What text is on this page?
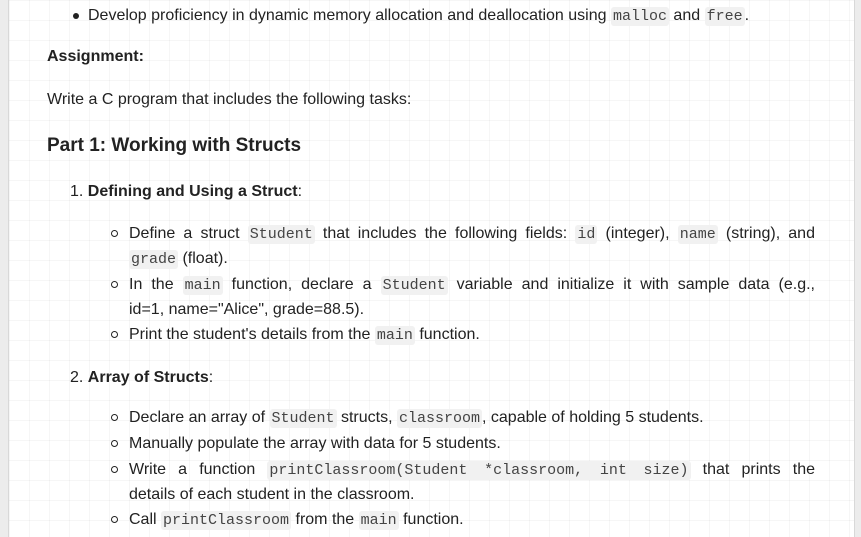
Develop proficiency in dynamic memory allocation and deallocation using malloc and free .
Assignment:
Write a C program that includes the following tasks:
Part 1: Working with Structs
1. Defining and Using a Struct:
Define a struct Student that includes the following fields: id (integer), name (string), and
grade (float).
In the main function, declare a Student variable and initialize it with sample data (e.g.,
id=1, name="Alice", grade=88.5).
Print the student's details from the main function.
2. Array of Structs:
Declare an array of Student structs, classroom , capable of holding 5 students.
Manually populate the array with data for 5 students.
Write a function printClassroom(Student *classroom, int size) that prints the
details of each student in the classroom.
Call printClassroom from the main function.
